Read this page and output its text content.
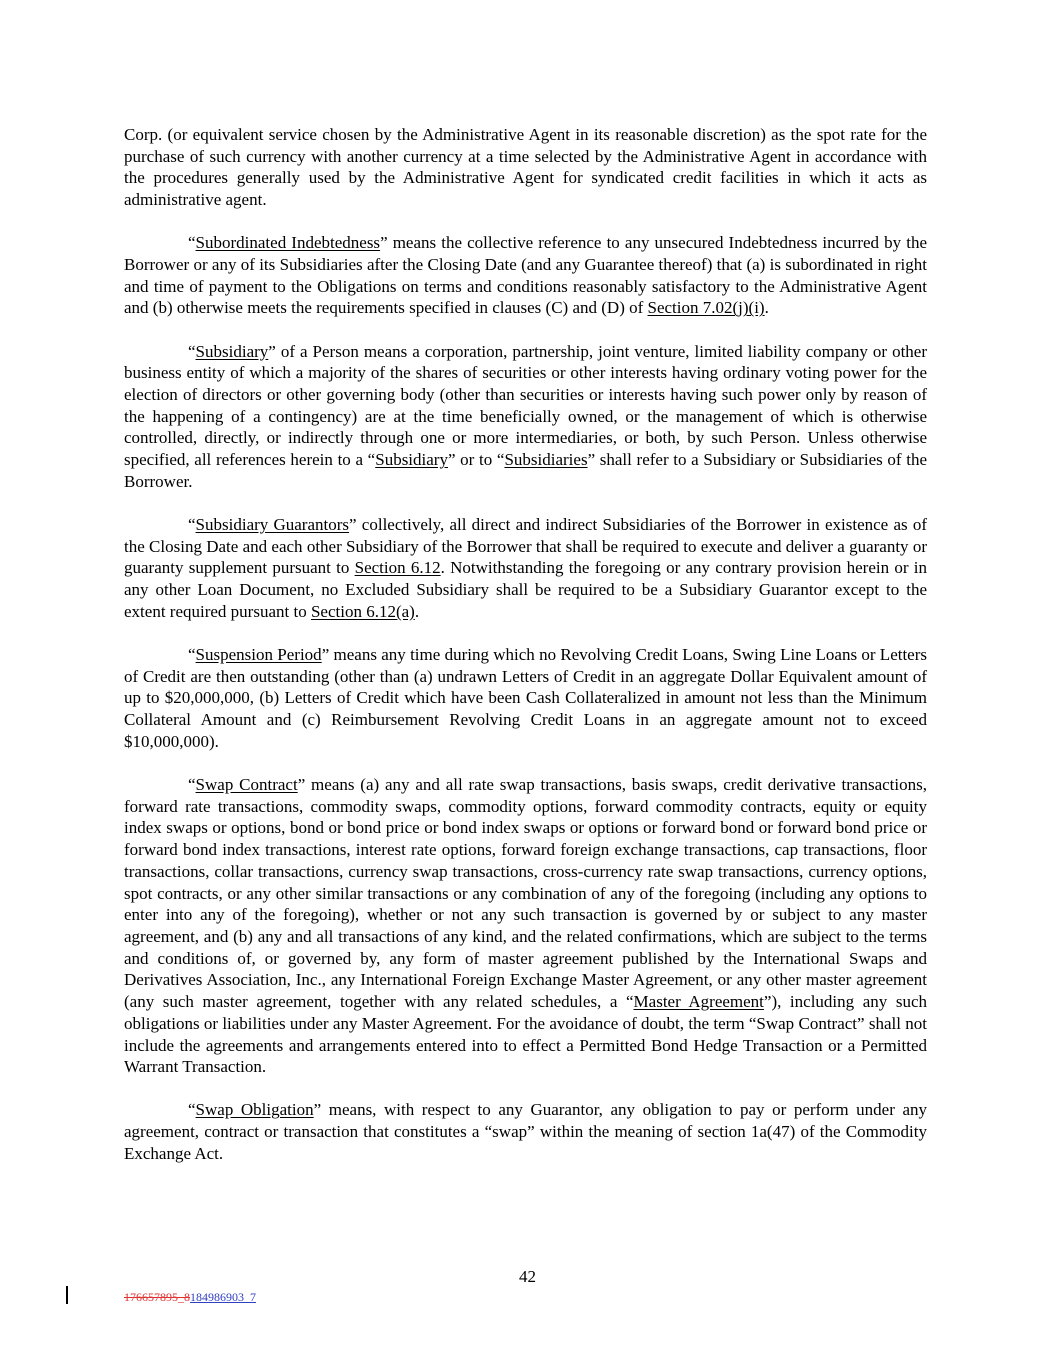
Corp. (or equivalent service chosen by the Administrative Agent in its reasonable discretion) as the spot rate for the purchase of such currency with another currency at a time selected by the Administrative Agent in accordance with the procedures generally used by the Administrative Agent for syndicated credit facilities in which it acts as administrative agent.

“Subordinated Indebtedness” means the collective reference to any unsecured Indebtedness incurred by the Borrower or any of its Subsidiaries after the Closing Date (and any Guarantee thereof) that (a) is subordinated in right and time of payment to the Obligations on terms and conditions reasonably satisfactory to the Administrative Agent and (b) otherwise meets the requirements specified in clauses (C) and (D) of Section 7.02(j)(i).

“Subsidiary” of a Person means a corporation, partnership, joint venture, limited liability company or other business entity of which a majority of the shares of securities or other interests having ordinary voting power for the election of directors or other governing body (other than securities or interests having such power only by reason of the happening of a contingency) are at the time beneficially owned, or the management of which is otherwise controlled, directly, or indirectly through one or more intermediaries, or both, by such Person. Unless otherwise specified, all references herein to a “Subsidiary” or to “Subsidiaries” shall refer to a Subsidiary or Subsidiaries of the Borrower.

“Subsidiary Guarantors” collectively, all direct and indirect Subsidiaries of the Borrower in existence as of the Closing Date and each other Subsidiary of the Borrower that shall be required to execute and deliver a guaranty or guaranty supplement pursuant to Section 6.12. Notwithstanding the foregoing or any contrary provision herein or in any other Loan Document, no Excluded Subsidiary shall be required to be a Subsidiary Guarantor except to the extent required pursuant to Section 6.12(a).

“Suspension Period” means any time during which no Revolving Credit Loans, Swing Line Loans or Letters of Credit are then outstanding (other than (a) undrawn Letters of Credit in an aggregate Dollar Equivalent amount of up to $20,000,000, (b) Letters of Credit which have been Cash Collateralized in amount not less than the Minimum Collateral Amount and (c) Reimbursement Revolving Credit Loans in an aggregate amount not to exceed $10,000,000).

“Swap Contract” means (a) any and all rate swap transactions, basis swaps, credit derivative transactions, forward rate transactions, commodity swaps, commodity options, forward commodity contracts, equity or equity index swaps or options, bond or bond price or bond index swaps or options or forward bond or forward bond price or forward bond index transactions, interest rate options, forward foreign exchange transactions, cap transactions, floor transactions, collar transactions, currency swap transactions, cross-currency rate swap transactions, currency options, spot contracts, or any other similar transactions or any combination of any of the foregoing (including any options to enter into any of the foregoing), whether or not any such transaction is governed by or subject to any master agreement, and (b) any and all transactions of any kind, and the related confirmations, which are subject to the terms and conditions of, or governed by, any form of master agreement published by the International Swaps and Derivatives Association, Inc., any International Foreign Exchange Master Agreement, or any other master agreement (any such master agreement, together with any related schedules, a “Master Agreement”), including any such obligations or liabilities under any Master Agreement. For the avoidance of doubt, the term “Swap Contract” shall not include the agreements and arrangements entered into to effect a Permitted Bond Hedge Transaction or a Permitted Warrant Transaction.

“Swap Obligation” means, with respect to any Guarantor, any obligation to pay or perform under any agreement, contract or transaction that constitutes a “swap” within the meaning of section 1a(47) of the Commodity Exchange Act.

42
176657895_8184986903_7
